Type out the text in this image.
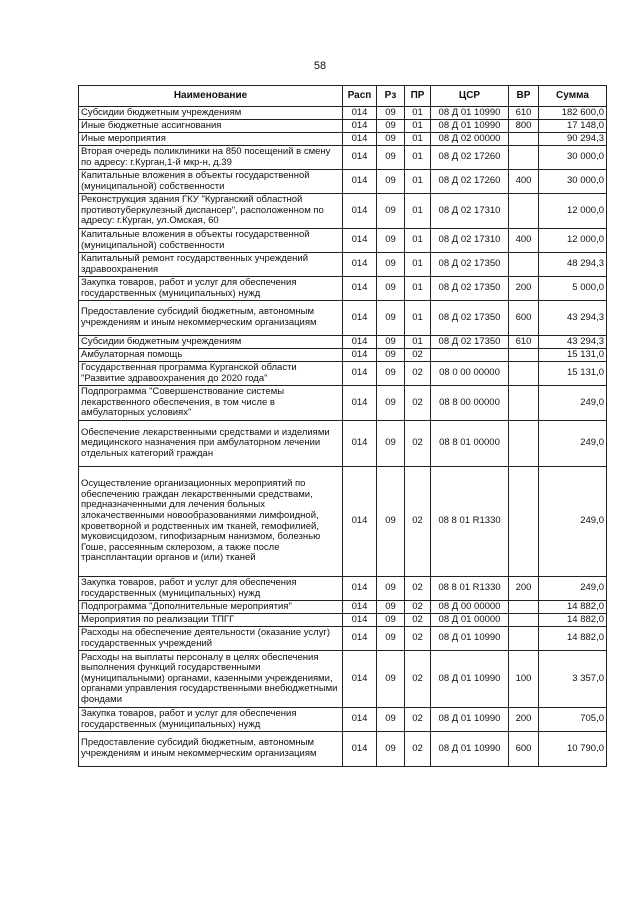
58
Наименование	Расп	Рз	ПР	ЦСР	ВР	Сумма
Субсидии бюджетным учреждениям	014	09	01	08 Д 01 10990	610	182 600,0
Иные бюджетные ассигнования	014	09	01	08 Д 01 10990	800	17 148,0
Иные мероприятия	014	09	01	08 Д 02 00000		90 294,3
Вторая очередь поликлиники на 850 посещений в смену по адресу: г.Курган,1-й мкр-н, д.39	014	09	01	08 Д 02 17260		30 000,0
Капитальные вложения в объекты государственной (муниципальной) собственности	014	09	01	08 Д 02 17260	400	30 000,0
Реконструкция здания ГКУ "Курганский областной противотуберкулезный диспансер", расположенном по адресу: г.Курган, ул.Омская, 60	014	09	01	08 Д 02 17310		12 000,0
Капитальные вложения в объекты государственной (муниципальной) собственности	014	09	01	08 Д 02 17310	400	12 000,0
Капитальный ремонт государственных учреждений здравоохранения	014	09	01	08 Д 02 17350		48 294,3
Закупка товаров, работ и услуг для обеспечения государственных (муниципальных) нужд	014	09	01	08 Д 02 17350	200	5 000,0
Предоставление субсидий бюджетным, автономным учреждениям и иным некоммерческим организациям	014	09	01	08 Д 02 17350	600	43 294,3
Субсидии бюджетным учреждениям	014	09	01	08 Д 02 17350	610	43 294,3
Амбулаторная помощь	014	09	02			15 131,0
Государственная программа Курганской области "Развитие здравоохранения до 2020 года"	014	09	02	08 0 00 00000		15 131,0
Подпрограмма "Совершенствование системы лекарственного обеспечения, в том числе в амбулаторных условиях"	014	09	02	08 8 00 00000		249,0
Обеспечение лекарственными средствами и изделиями медицинского назначения при амбулаторном лечении отдельных категорий граждан	014	09	02	08 8 01 00000		249,0
Осуществление организационных мероприятий по обеспечению граждан лекарственными средствами, предназначенными для лечения больных злокачественными новообразованиями лимфоидной, кроветворной и родственных им тканей, гемофилией, муковисцидозом, гипофизарным нанизмом, болезнью Гоше, рассеянным склерозом, а также после трансплантации органов и (или) тканей	014	09	02	08 8 01 R1330		249,0
Закупка товаров, работ и услуг для обеспечения государственных (муниципальных) нужд	014	09	02	08 8 01 R1330	200	249,0
Подпрограмма "Дополнительные мероприятия"	014	09	02	08 Д 00 00000		14 882,0
Мероприятия по реализации ТПГГ	014	09	02	08 Д 01 00000		14 882,0
Расходы на обеспечение деятельности (оказание услуг) государственных учреждений	014	09	02	08 Д 01 10990		14 882,0
Расходы на выплаты персоналу в целях обеспечения выполнения функций государственными (муниципальными) органами, казенными учреждениями, органами управления государственными внебюджетными фондами	014	09	02	08 Д 01 10990	100	3 357,0
Закупка товаров, работ и услуг для обеспечения государственных (муниципальных) нужд	014	09	02	08 Д 01 10990	200	705,0
Предоставление субсидий бюджетным, автономным учреждениям и иным некоммерческим организациям	014	09	02	08 Д 01 10990	600	10 790,0
